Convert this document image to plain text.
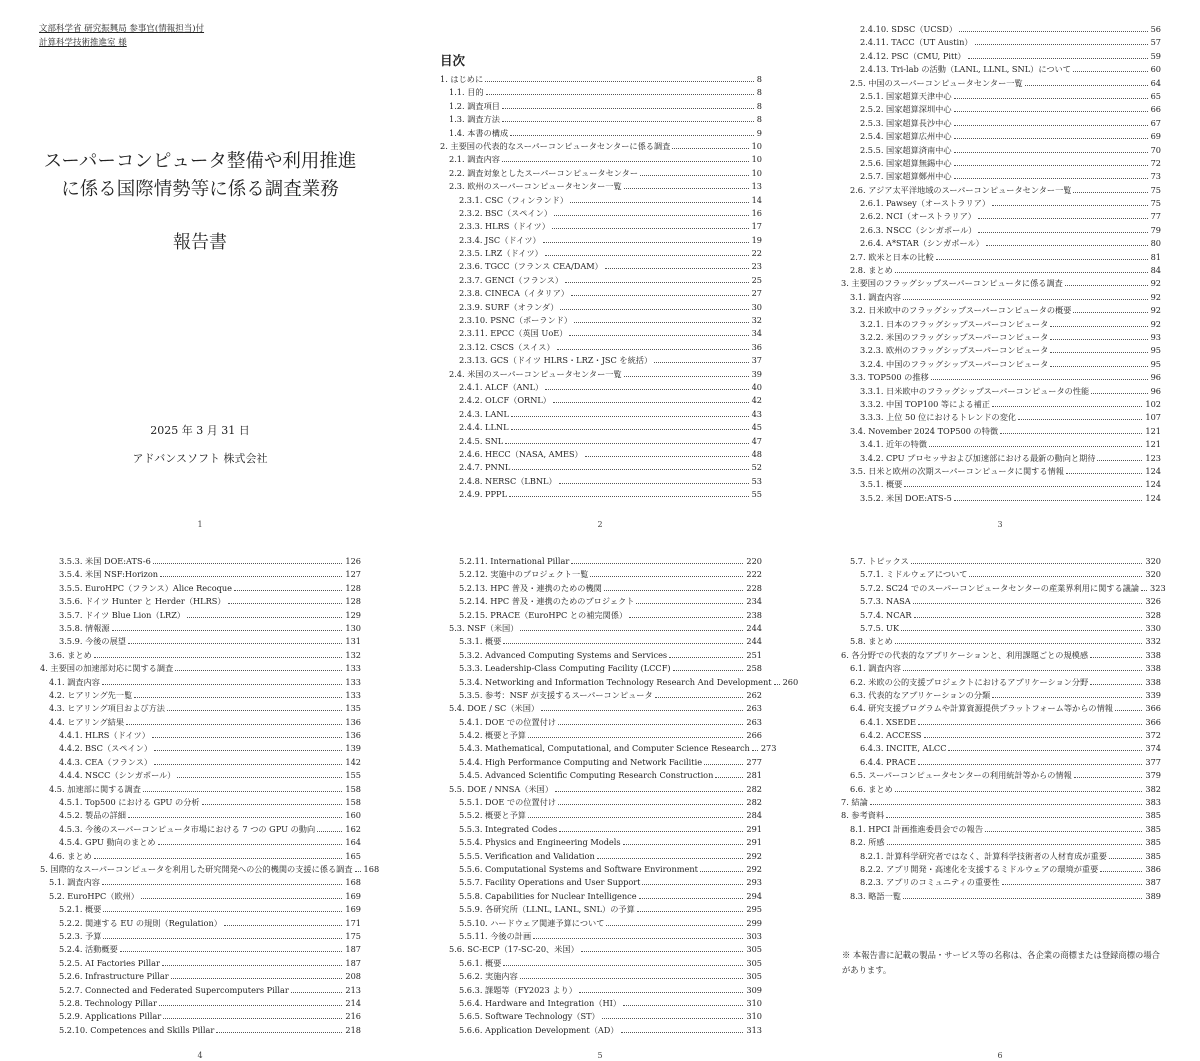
文部科学省 研究振興局 参事官(情報担当)付
計算科学技術推進室 様
スーパーコンピュータ整備や利用推進
に係る国際情勢等に係る調査業務
報告書
2025 年 3 月 31 日
アドバンスソフト 株式会社
1	2
目次
1. はじめに	8
1.1. 目的	8
1.2. 調査項目	8
1.3. 調査方法	8
1.4. 本書の構成	9
2. 主要国の代表的なスーパーコンピュータセンターに係る調査	10
2.1. 調査内容	10
2.2. 調査対象としたスーパーコンピュータセンター	10
2.3. 欧州のスーパーコンピュータセンター一覧	13
2.3.1. CSC（フィンランド）	14
2.3.2. BSC（スペイン）	16
2.3.3. HLRS（ドイツ）	17
2.3.4. JSC（ドイツ）	19
2.3.5. LRZ（ドイツ）	22
2.3.6. TGCC（フランス CEA/DAM）	23
2.3.7. GENCI（フランス）	25
2.3.8. CINECA（イタリア）	27
2.3.9. SURF（オランダ）	30
2.3.10. PSNC（ポーランド）	32
2.3.11. EPCC（英国 UoE）	34
2.3.12. CSCS（スイス）	36
2.3.13. GCS（ドイツ HLRS・LRZ・JSC を統括）	37
2.4. 米国のスーパーコンピュータセンター一覧	39
2.4.1. ALCF（ANL）	40
2.4.2. OLCF（ORNL）	42
2.4.3. LANL	43
2.4.4. LLNL	45
2.4.5. SNL	47
2.4.6. HECC（NASA, AMES）	48
2.4.7. PNNL	52
2.4.8. NERSC（LBNL）	53
2.4.9. PPPL	55
3
2.4.10. SDSC（UCSD）	56
2.4.11. TACC（UT Austin）	57
2.4.12. PSC（CMU, Pitt）	59
2.4.13. Tri-lab の活動（LANL, LLNL, SNL）について	60
2.5. 中国のスーパーコンピュータセンター一覧	64
2.5.1. 国家超算天津中心	65
2.5.2. 国家超算深圳中心	66
2.5.3. 国家超算長沙中心	67
2.5.4. 国家超算広州中心	69
2.5.5. 国家超算済南中心	70
2.5.6. 国家超算無錫中心	72
2.5.7. 国家超算鄭州中心	73
2.6. アジア太平洋地域のスーパーコンピュータセンター一覧	75
2.6.1. Pawsey（オーストラリア）	75
2.6.2. NCI（オーストラリア）	77
2.6.3. NSCC（シンガポール）	79
2.6.4. A*STAR（シンガポール）	80
2.7. 欧米と日本の比較	81
2.8. まとめ	84
3. 主要国のフラッグシップスーパーコンピュータに係る調査	92
3.1. 調査内容	92
3.2. 日米欧中のフラッグシップスーパーコンピュータの概要	92
3.2.1. 日本のフラッグシップスーパーコンピュータ	92
3.2.2. 米国のフラッグシップスーパーコンピュータ	93
3.2.3. 欧州のフラッグシップスーパーコンピュータ	95
3.2.4. 中国のフラッグシップスーパーコンピュータ	95
3.3. TOP500 の推移	96
3.3.1. 日米欧中のフラッグシップスーパーコンピュータの性能	96
3.3.2. 中国 TOP100 等による補正	102
3.3.3. 上位 50 位におけるトレンドの変化	107
3.4. November 2024 TOP500 の特徴	121
3.4.1. 近年の特徴	121
3.4.2. CPU プロセッサおよび加速部における最新の動向と期待	123
3.5. 日米と欧州の次期スーパーコンピュータに関する情報	124
3.5.1. 概要	124
3.5.2. 米国 DOE:ATS-5	124
4
3.5.3. 米国 DOE:ATS-6	126
3.5.4. 米国 NSF:Horizon	127
3.5.5. EuroHPC（フランス）Alice Recoque	128
3.5.6. ドイツ Hunter と Herder（HLRS）	128
3.5.7. ドイツ Blue Lion（LRZ）	129
3.5.8. 情報源	130
3.5.9. 今後の展望	131
3.6. まとめ	132
4. 主要国の加速部対応に関する調査	133
4.1. 調査内容	133
4.2. ヒアリング先一覧	133
4.3. ヒアリング項目および方法	135
4.4. ヒアリング結果	136
4.4.1. HLRS（ドイツ）	136
4.4.2. BSC（スペイン）	139
4.4.3. CEA（フランス）	142
4.4.4. NSCC（シンガポール）	155
4.5. 加速部に関する調査	158
4.5.1. Top500 における GPU の分析	158
4.5.2. 製品の詳細	160
4.5.3. 今後のスーパーコンピュータ市場における 7 つの GPU の動向	162
4.5.4. GPU 動向のまとめ	164
4.6. まとめ	165
5. 国際的なスーパーコンピュータを利用した研究開発への公的機関の支援に係る調査	168
5.1. 調査内容	168
5.2. EuroHPC（欧州）	169
5.2.1. 概要	169
5.2.2. 関連する EU の規則（Regulation）	171
5.2.3. 予算	175
5.2.4. 活動概要	187
5.2.5. AI Factories Pillar	187
5.2.6. Infrastructure Pillar	208
5.2.7. Connected and Federated Supercomputers Pillar	213
5.2.8. Technology Pillar	214
5.2.9. Applications Pillar	216
5.2.10. Competences and Skills Pillar	218
5
5.2.11. International Pillar	220
5.2.12. 実施中のプロジェクト一覧	222
5.2.13. HPC 普及・連携のための機関	228
5.2.14. HPC 普及・連携のためのプロジェクト	234
5.2.15. PRACE（EuroHPC との補完関係）	238
5.3. NSF（米国）	244
5.3.1. 概要	244
5.3.2. Advanced Computing Systems and Services	251
5.3.3. Leadership-Class Computing Facility (LCCF)	258
5.3.4. Networking and Information Technology Research And Development	260
5.3.5. 参考：NSF が支援するスーパーコンピュータ	262
5.4. DOE / SC（米国）	263
5.4.1. DOE での位置付け	263
5.4.2. 概要と予算	266
5.4.3. Mathematical, Computational, and Computer Science Research	273
5.4.4. High Performance Computing and Network Facilitie	277
5.4.5. Advanced Scientific Computing Research Construction	281
5.5. DOE / NNSA（米国）	282
5.5.1. DOE での位置付け	282
5.5.2. 概要と予算	284
5.5.3. Integrated Codes	291
5.5.4. Physics and Engineering Models	291
5.5.5. Verification and Validation	292
5.5.6. Computational Systems and Software Environment	292
5.5.7. Facility Operations and User Support	293
5.5.8. Capabilities for Nuclear Intelligence	294
5.5.9. 各研究所（LLNL, LANL, SNL）の予算	295
5.5.10. ハードウェア関連予算について	299
5.5.11. 今後の計画	303
5.6. SC-ECP（17-SC-20、米国）	305
5.6.1. 概要	305
5.6.2. 実施内容	305
5.6.3. 課題等（FY2023 より）	309
5.6.4. Hardware and Integration（HI）	310
5.6.5. Software Technology（ST）	310
5.6.6. Application Development（AD）	313
6
5.7. トピックス	320
5.7.1. ミドルウェアについて	320
5.7.2. SC24 でのスーパーコンピュータセンターの産業界利用に関する議論	323
5.7.3. NASA	326
5.7.4. NCAR	328
5.7.5. UK	330
5.8. まとめ	332
6. 各分野での代表的なアプリケーションと、利用課題ごとの規模感	338
6.1. 調査内容	338
6.2. 米欧の公的支援プロジェクトにおけるアプリケーション分野	338
6.3. 代表的なアプリケーションの分類	339
6.4. 研究支援プログラムや計算資源提供プラットフォーム等からの情報	366
6.4.1. XSEDE	366
6.4.2. ACCESS	372
6.4.3. INCITE, ALCC	374
6.4.4. PRACE	377
6.5. スーパーコンピュータセンターの利用統計等からの情報	379
6.6. まとめ	382
7. 結論	383
8. 参考資料	385
8.1. HPCI 計画推進委員会での報告	385
8.2. 所感	385
8.2.1. 計算科学研究者ではなく、計算科学技術者の人材育成が重要	385
8.2.2. アプリ開発・高速化を支援するミドルウェアの環境が重要	386
8.2.3. アプリのコミュニティの重要性	387
8.3. 略語一覧	389
※ 本報告書に記載の製品・サービス等の名称は、各企業の商標または登録商標の場合があります。
